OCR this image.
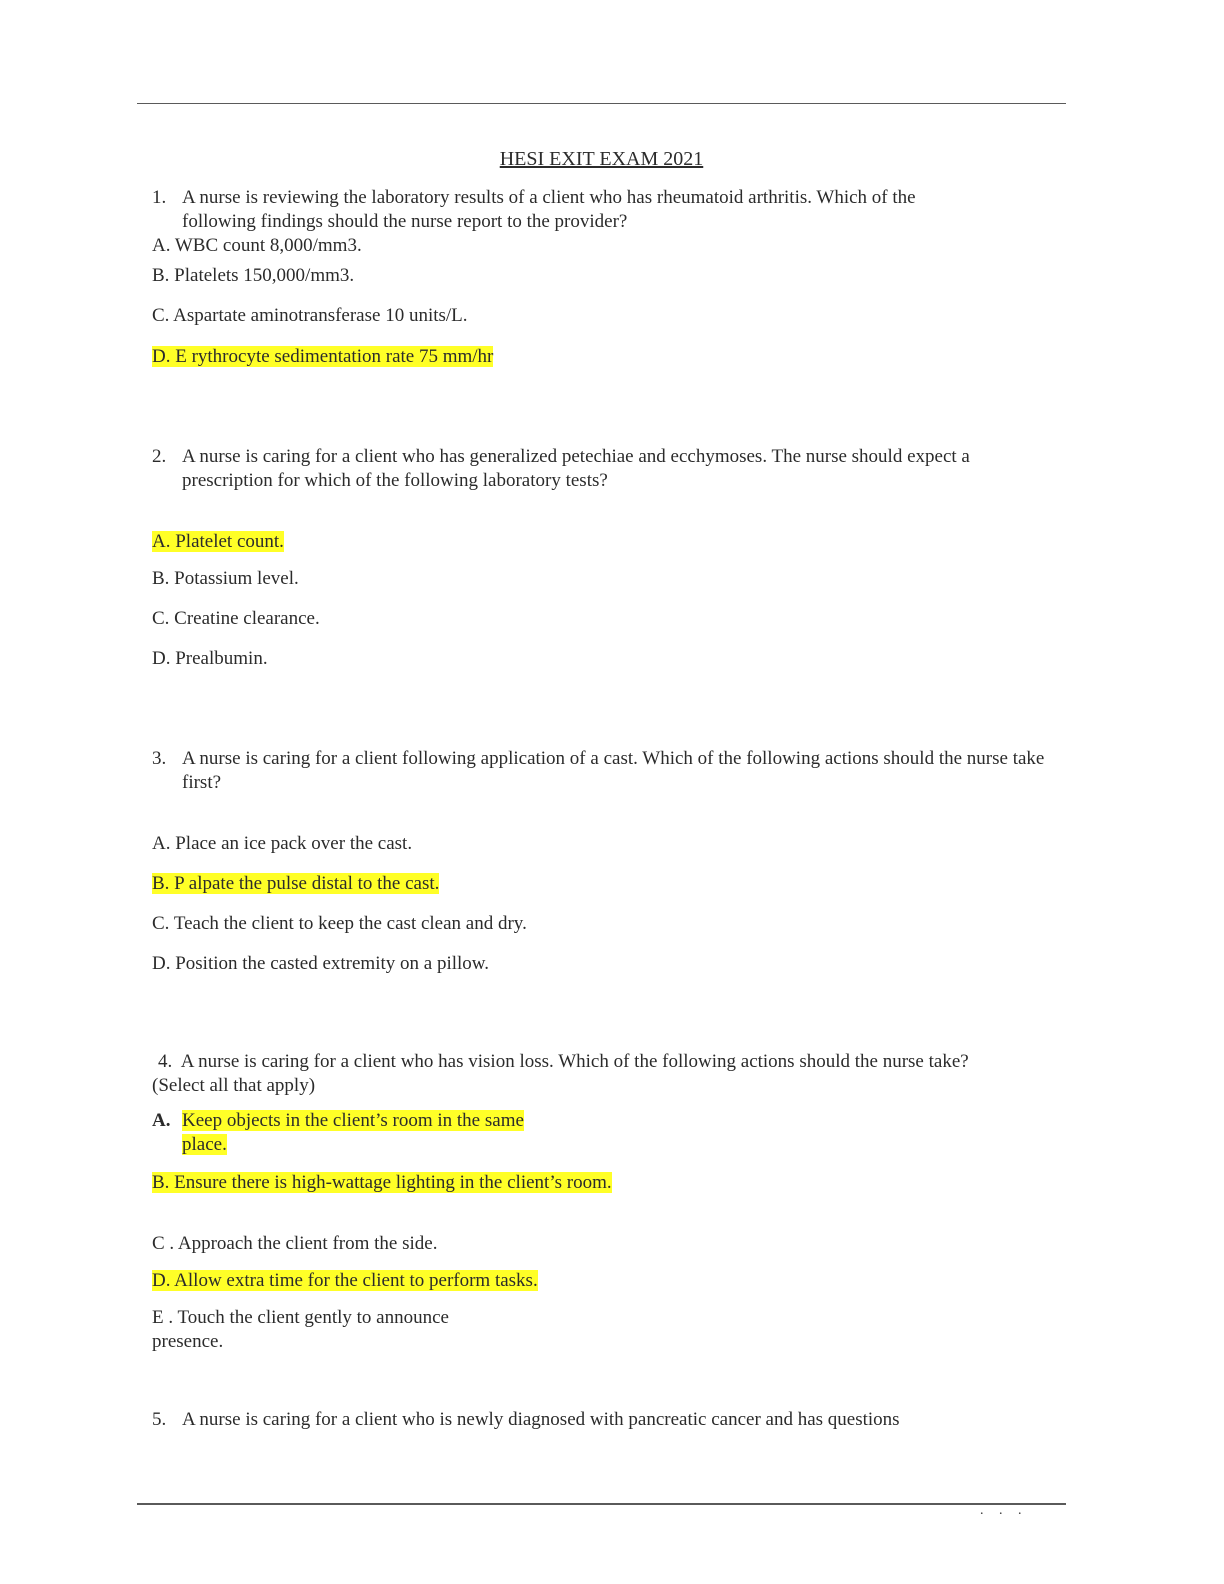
HESI EXIT EXAM 2021
1. A nurse is reviewing the laboratory results of a client who has rheumatoid arthritis. Which of the following findings should the nurse report to the provider?
A. WBC count 8,000/mm3.
B. Platelets 150,000/mm3.
C. Aspartate aminotransferase 10 units/L.
D. E rythrocyte sedimentation rate 75 mm/hr
2. A nurse is caring for a client who has generalized petechiae and ecchymoses. The nurse should expect a prescription for which of the following laboratory tests?
A. Platelet count.
B. Potassium level.
C. Creatine clearance.
D. Prealbumin.
3. A nurse is caring for a client following application of a cast. Which of the following actions should the nurse take first?
A. Place an ice pack over the cast.
B. P alpate the pulse distal to the cast.
C. Teach the client to keep the cast clean and dry.
D. Position the casted extremity on a pillow.
4. A nurse is caring for a client who has vision loss. Which of the following actions should the nurse take? (Select all that apply)
A. Keep objects in the client’s room in the same place.
B. Ensure there is high-wattage lighting in the client’s room.
C . Approach the client from the side.
D. Allow extra time for the client to perform tasks.
E . Touch the client gently to announce presence.
5. A nurse is caring for a client who is newly diagnosed with pancreatic cancer and has questions
. . .
